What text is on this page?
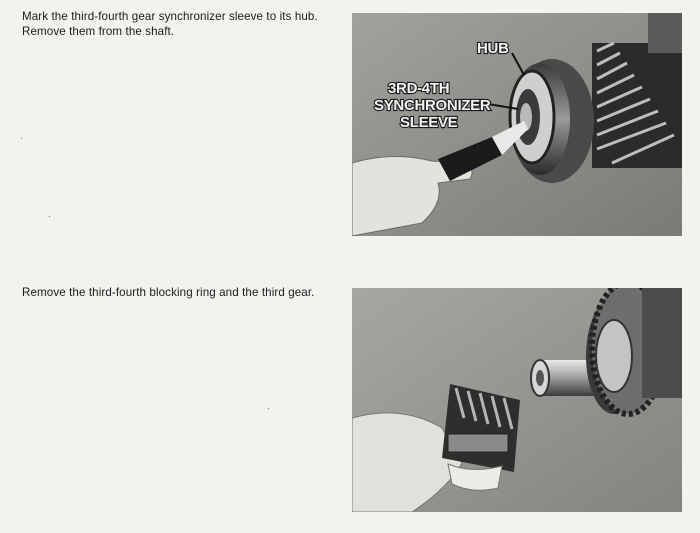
Mark the third-fourth gear synchronizer sleeve to its hub. Remove them from the shaft.
HUB
3RD-4TH
SYNCHRONIZER
SLEEVE
Remove the third-fourth blocking ring and the third gear.
